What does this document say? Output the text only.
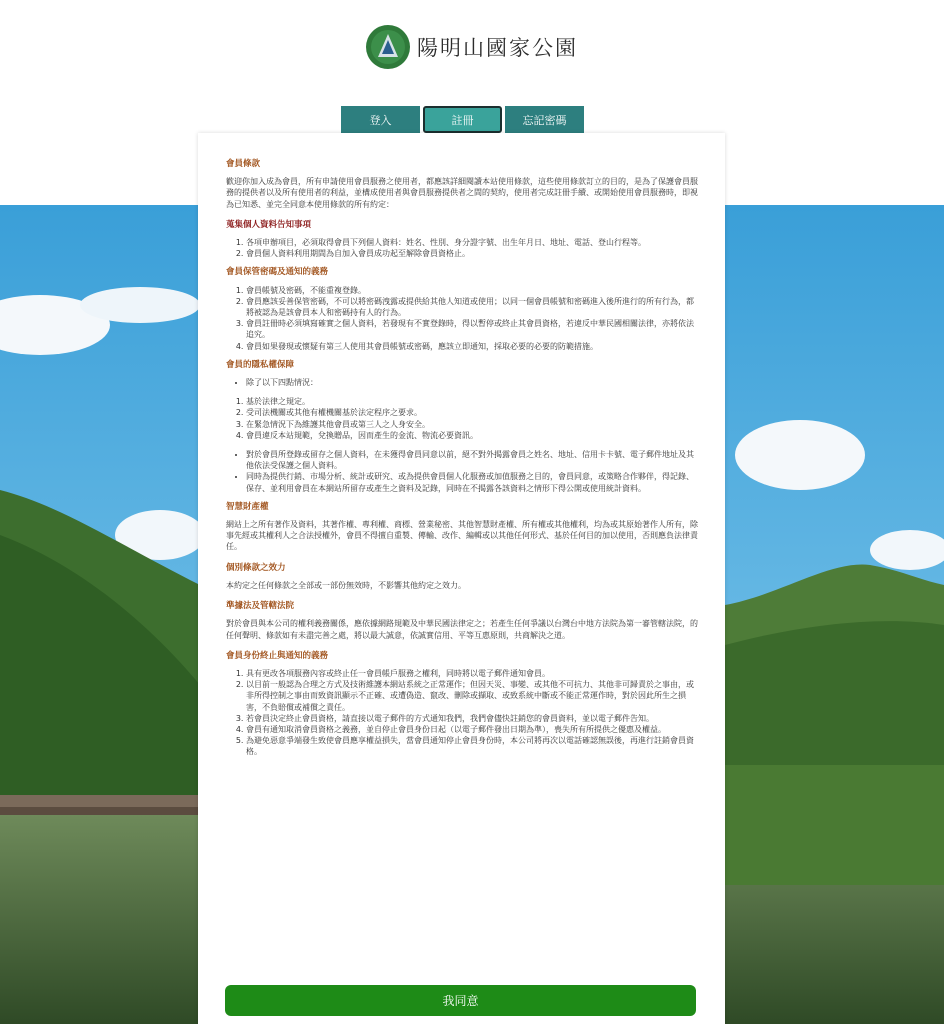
陽明山國家公園
登入	註冊	忘記密碼
會員條款

歡迎你加入成為會員，所有申請使用會員服務之使用者，都應該詳細閱讀本站使用條款，這些使用條款訂立的目的，是為了保護會員服務的提供者以及所有使用者的利益，並構成使用者與會員服務提供者之間的契約，使用者完成註冊手續、或開始使用會員服務時，即視為已知悉、並完全同意本使用條款的所有約定：

蒐集個人資料告知事項
1. 各項申辦項目，必須取得會員下列個人資料：姓名、性別、身分證字號、出生年月日、地址、電話、登山行程等。
2. 會員個人資料利用期間為自加入會員成功起至解除會員資格止。
會員保管密碼及通知的義務
1. 會員帳號及密碼，不能重複登錄。
2. 會員應該妥善保管密碼，不可以將密碼洩露或提供給其他人知道或使用；以同一個會員帳號和密碼進入後所進行的所有行為，都將被認為是該會員本人和密碼持有人的行為。
3. 會員註冊時必須填寫確實之個人資料，若發現有不實登錄時，得以暫停或終止其會員資格，若違反中華民國相關法律，亦將依法追究。
4. 會員如果發現或懷疑有第三人使用其會員帳號或密碼，應該立即通知，採取必要的必要的防範措施。
會員的隱私權保障
• 除了以下四點情況：
1. 基於法律之規定。
2. 受司法機關或其他有權機關基於法定程序之要求。
3. 在緊急情況下為維護其他會員或第三人之人身安全。
4. 會員違反本站規範，兌換贈品，因而產生的金流、物流必要資訊。
• 對於會員所登錄或留存之個人資料，在未獲得會員同意以前，絕不對外揭露會員之姓名、地址、信用卡卡號、電子郵件地址及其他依法受保護之個人資料。
• 同時為提供行銷、市場分析、統計或研究、或為提供會員個人化服務或加值服務之目的，會員同意，或策略合作夥伴，得記錄、保存、並利用會員在本網站所留存或產生之資料及記錄，同時在不揭露各該資料之情形下得公開或使用統計資料。
智慧財產權

網站上之所有著作及資料，其著作權、專利權、商標、營業秘密、其他智慧財產權、所有權或其他權利，均為或其原始著作人所有，除事先經或其權利人之合法授權外，會員不得擅自重製、傳輸、改作、編輯或以其他任何形式、基於任何目的加以使用，否則應負法律責任。

個別條款之效力

本約定之任何條款之全部或一部份無效時，不影響其他約定之效力。

準據法及管轄法院

對於會員與本公司的權利義務關係，應依據網路規範及中華民國法律定之；若產生任何爭議以台灣台中地方法院為第一審管轄法院，的任何聲明、條款如有未盡完善之處，將以最大誠意，依誠實信用、平等互惠原則，共商解決之道。

會員身份終止與通知的義務
1. 具有更改各項服務內容或終止任一會員帳戶服務之權利，同時將以電子郵件通知會員。
2. 以目前一般認為合理之方式及技術維護本網站系統之正常運作；但因天災、事變、或其他不可抗力、其他非可歸責於之事由，或非所得控制之事由而致資訊顯示不正確、或遭偽造、竄改、刪除或擷取、或致系統中斷或不能正常運作時，對於因此所生之損害，不負賠償或補償之責任。
3. 若會員決定終止會員資格，請直接以電子郵件的方式通知我們，我們會儘快註銷您的會員資料，並以電子郵件告知。
4. 會員有通知取消會員資格之義務，並自停止會員身份日起（以電子郵件發出日期為準），喪失所有所提供之優惠及權益。
5. 為避免惡意爭端發生致使會員應享權益損失，當會員通知停止會員身份時，本公司將再次以電話確認無誤後，再進行註銷會員資格。
我同意
